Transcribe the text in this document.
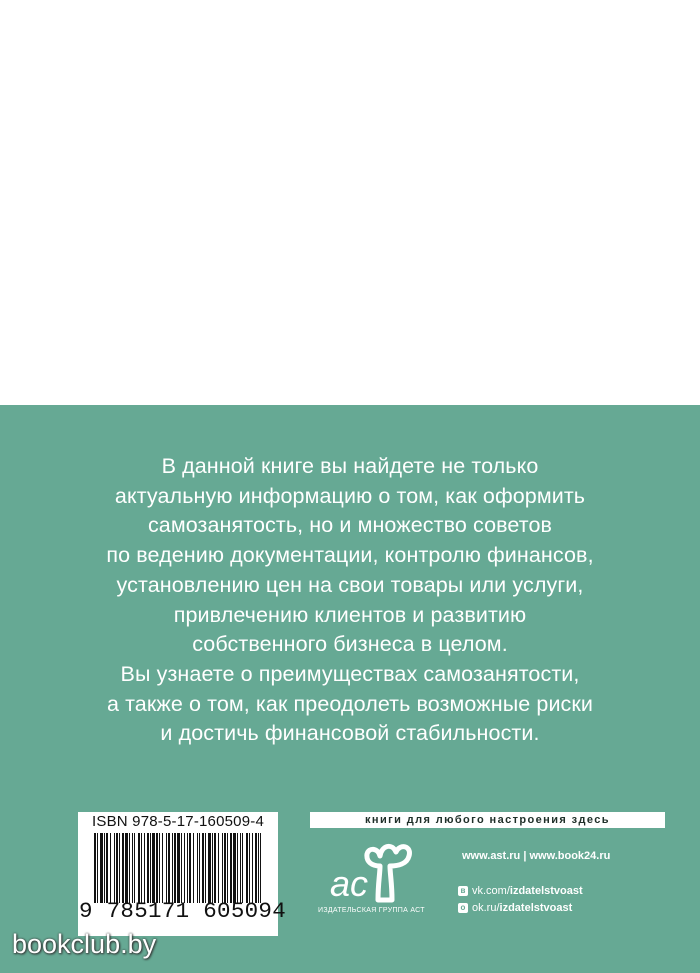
В данной книге вы найдете не только
актуальную информацию о том, как оформить
самозанятость, но и множество советов
по ведению документации, контролю финансов,
установлению цен на свои товары или услуги,
привлечению клиентов и развитию
собственного бизнеса в целом.
Вы узнаете о преимуществах самозанятости,
а также о том, как преодолеть возможные риски
и достичь финансовой стабильности.
ISBN 978-5-17-160509-4
9 785171 605094
bookclub.by
книги для любого настроения здесь
ас
ИЗДАТЕЛЬСКАЯ ГРУППА АСТ
www.ast.ru | www.book24.ru
в vk.com/ izdatelstvoast
о ok.ru/ izdatelstvoast
